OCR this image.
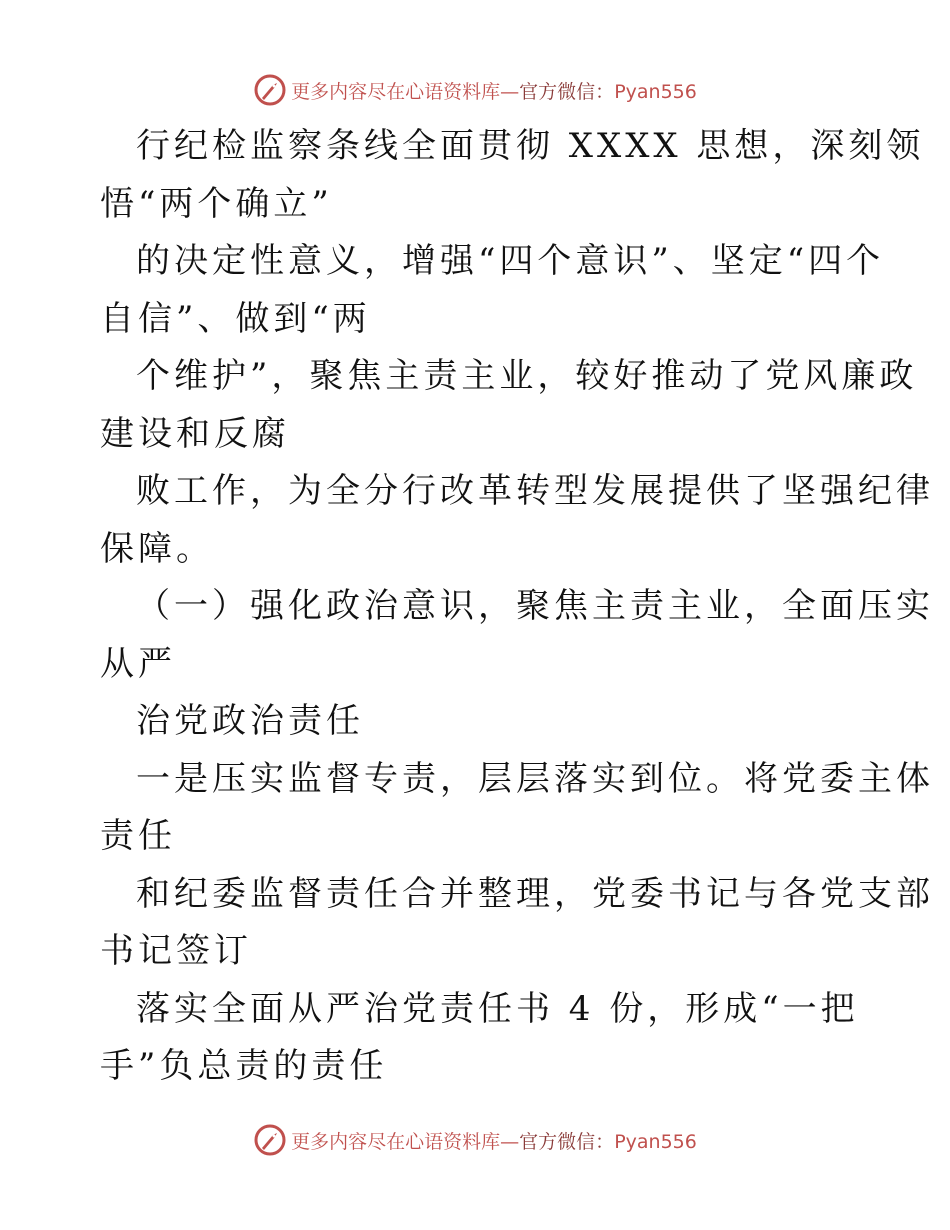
更多内容尽在心语资料库—官方微信：Pyan556
行纪检监察条线全面贯彻 XXXX 思想，深刻领
悟“两个确立”
的决定性意义，增强“四个意识”、坚定“四个
自信”、做到“两
个维护”，聚焦主责主业，较好推动了党风廉政
建设和反腐
败工作，为全分行改革转型发展提供了坚强纪律
保障。
（一）强化政治意识，聚焦主责主业，全面压实
从严
治党政治责任
一是压实监督专责，层层落实到位。将党委主体
责任
和纪委监督责任合并整理，党委书记与各党支部
书记签订
落实全面从严治党责任书 4 份，形成“一把
手”负总责的责任
更多内容尽在心语资料库—官方微信：Pyan556
